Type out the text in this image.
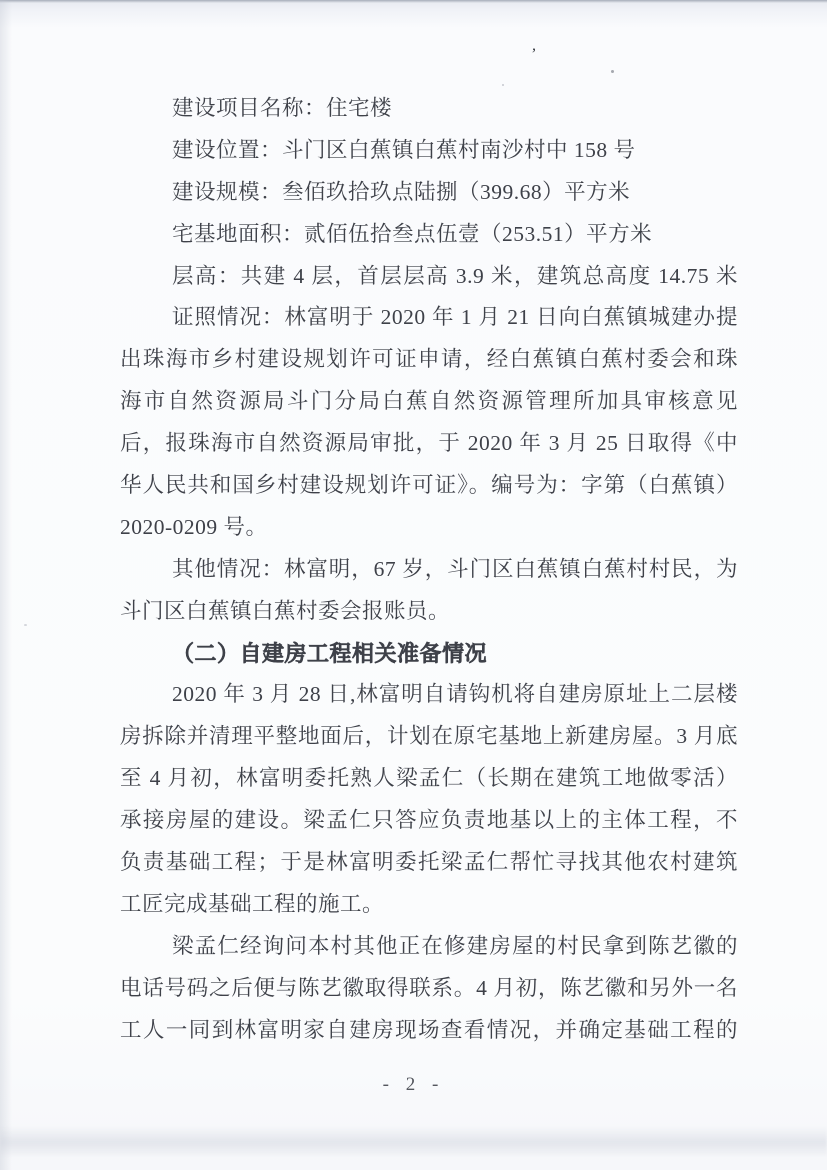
ʼ
建设项目名称：住宅楼
建设位置：斗门区白蕉镇白蕉村南沙村中 158 号
建设规模：叁佰玖拾玖点陆捌（399.68）平方米
宅基地面积：贰佰伍拾叁点伍壹（253.51）平方米
层高：共建 4 层，首层层高 3.9 米，建筑总高度 14.75 米
证照情况：林富明于 2020 年 1 月 21 日向白蕉镇城建办提
出珠海市乡村建设规划许可证申请，经白蕉镇白蕉村委会和珠
海市自然资源局斗门分局白蕉自然资源管理所加具审核意见
后，报珠海市自然资源局审批，于 2020 年 3 月 25 日取得《中
华人民共和国乡村建设规划许可证》。编号为：字第（白蕉镇）
2020-0209 号。
其他情况：林富明，67 岁，斗门区白蕉镇白蕉村村民，为
斗门区白蕉镇白蕉村委会报账员。
（二）自建房工程相关准备情况
2020 年 3 月 28 日,林富明自请钩机将自建房原址上二层楼
房拆除并清理平整地面后，计划在原宅基地上新建房屋。3 月底
至 4 月初，林富明委托熟人梁孟仁（长期在建筑工地做零活）
承接房屋的建设。梁孟仁只答应负责地基以上的主体工程，不
负责基础工程；于是林富明委托梁孟仁帮忙寻找其他农村建筑
工匠完成基础工程的施工。
梁孟仁经询问本村其他正在修建房屋的村民拿到陈艺徽的
电话号码之后便与陈艺徽取得联系。4 月初，陈艺徽和另外一名
工人一同到林富明家自建房现场查看情况，并确定基础工程的
- 2 -
